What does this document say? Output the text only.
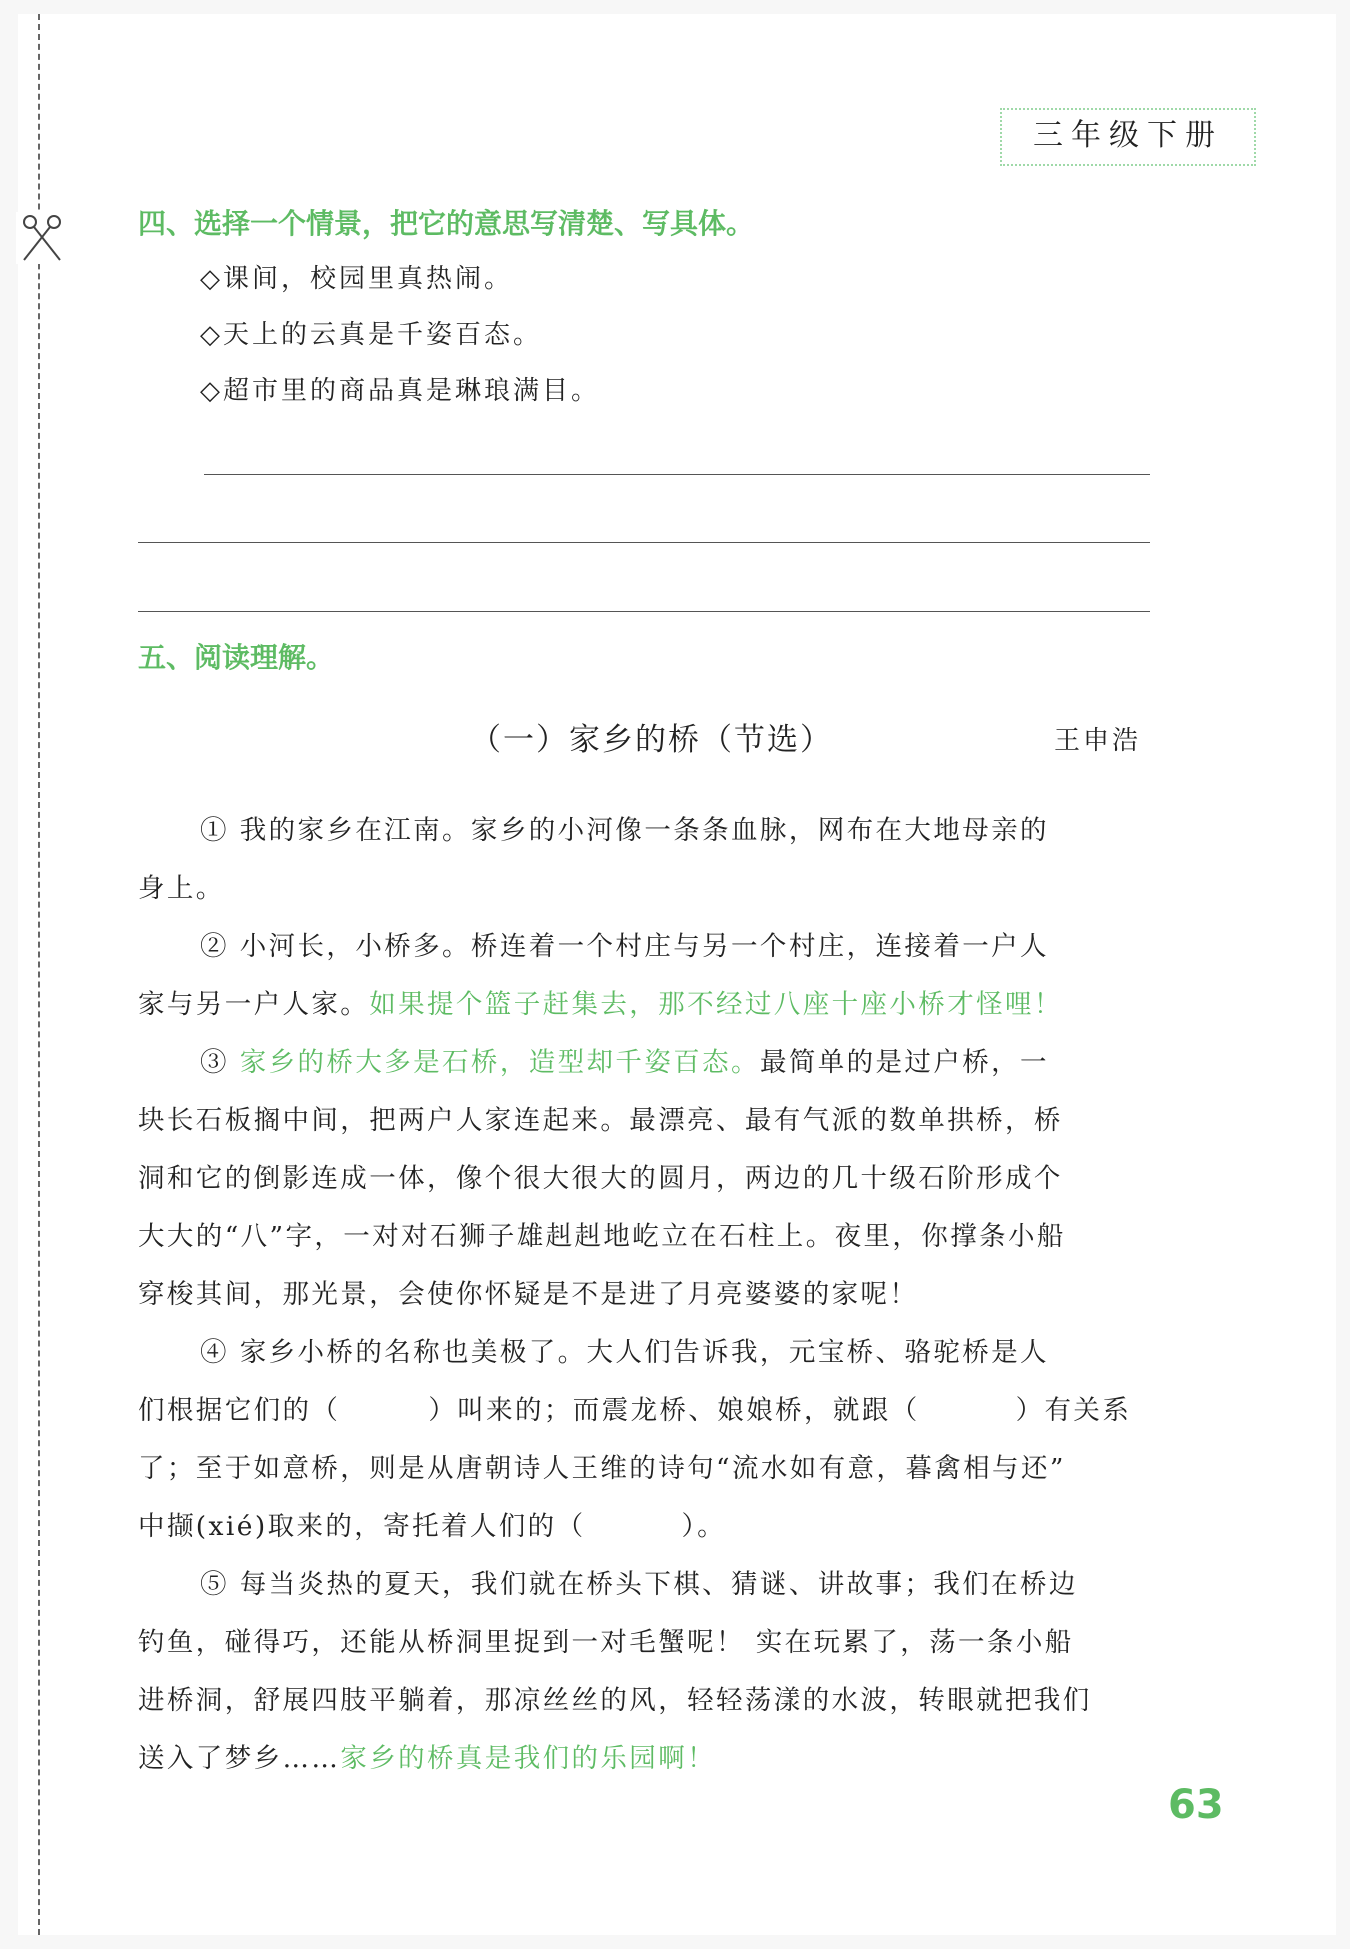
三年级下册
四、选择一个情景，把它的意思写清楚、写具体。
◇课间，校园里真热闹。
◇天上的云真是千姿百态。
◇超市里的商品真是琳琅满目。
五、阅读理解。
（一）家乡的桥（节选）	王申浩
① 我的家乡在江南。家乡的小河像一条条血脉，网布在大地母亲的
身上。
② 小河长，小桥多。桥连着一个村庄与另一个村庄，连接着一户人
家与另一户人家。如果提个篮子赶集去，那不经过八座十座小桥才怪哩！
③ 家乡的桥大多是石桥，造型却千姿百态。最简单的是过户桥，一
块长石板搁中间，把两户人家连起来。最漂亮、最有气派的数单拱桥，桥
洞和它的倒影连成一体，像个很大很大的圆月，两边的几十级石阶形成个
大大的“八”字，一对对石狮子雄赳赳地屹立在石柱上。夜里，你撑条小船
穿梭其间，那光景，会使你怀疑是不是进了月亮婆婆的家呢！
④ 家乡小桥的名称也美极了。大人们告诉我，元宝桥、骆驼桥是人
们根据它们的（	）叫来的；而震龙桥、娘娘桥，就跟（	）有关系
了；至于如意桥，则是从唐朝诗人王维的诗句“流水如有意，暮禽相与还”
中撷(xié)取来的，寄托着人们的（	）。
⑤ 每当炎热的夏天，我们就在桥头下棋、猜谜、讲故事；我们在桥边
钓鱼，碰得巧，还能从桥洞里捉到一对毛蟹呢！ 实在玩累了，荡一条小船
进桥洞，舒展四肢平躺着，那凉丝丝的风，轻轻荡漾的水波，转眼就把我们
送入了梦乡……家乡的桥真是我们的乐园啊！
63
